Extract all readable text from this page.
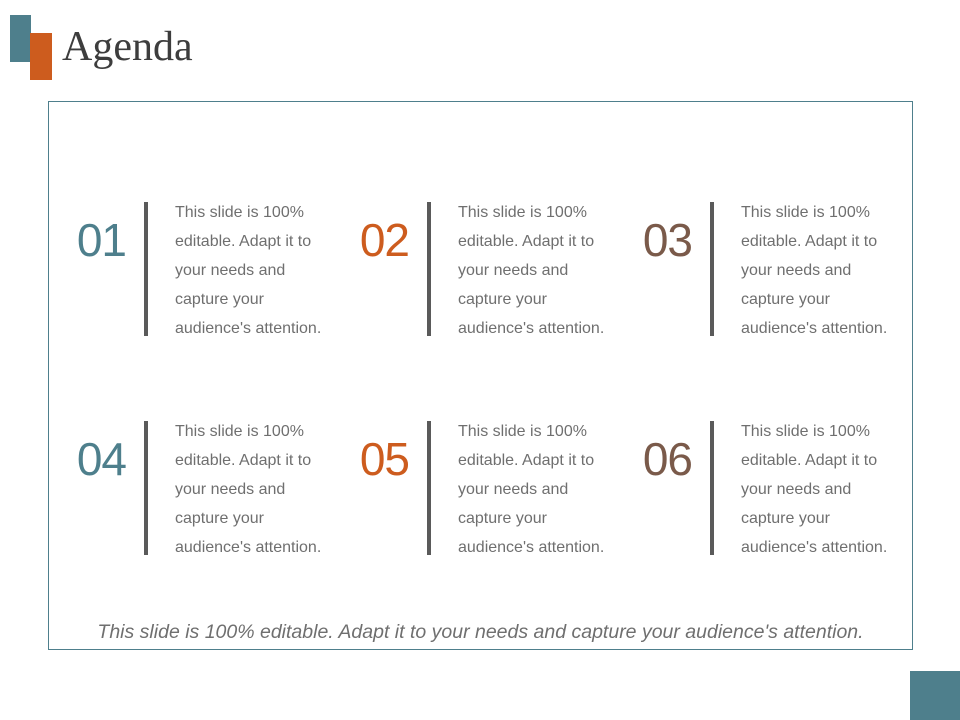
Agenda
01
This slide is 100% editable. Adapt it to your needs and capture your audience's attention.
02
This slide is 100% editable. Adapt it to your needs and capture your audience's attention.
03
This slide is 100% editable. Adapt it to your needs and capture your audience's attention.
04
This slide is 100% editable. Adapt it to your needs and capture your audience's attention.
05
This slide is 100% editable. Adapt it to your needs and capture your audience's attention.
06
This slide is 100% editable. Adapt it to your needs and capture your audience's attention.
This slide is 100% editable. Adapt it to your needs and capture your audience's attention.
